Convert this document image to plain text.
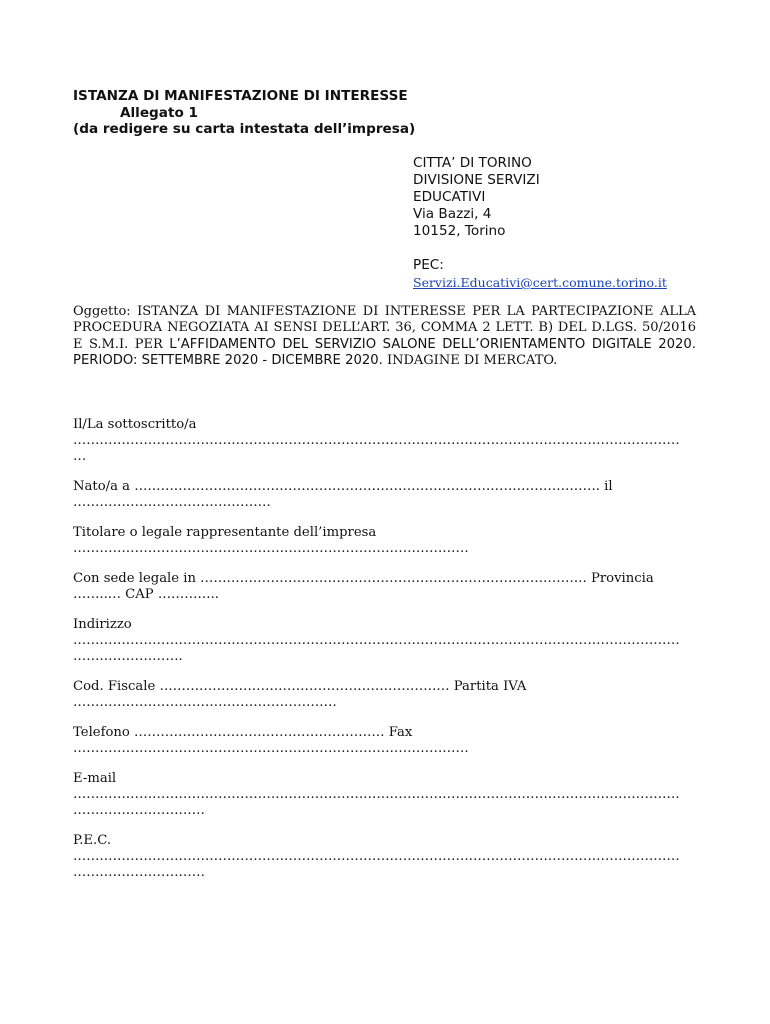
ISTANZA DI MANIFESTAZIONE DI INTERESSE
Allegato 1
(da redigere su carta intestata dell’impresa)
CITTA’ DI TORINO
DIVISIONE SERVIZI
EDUCATIVI
Via Bazzi, 4
10152, Torino
PEC:
Servizi.Educativi@cert.comune.torino.it
Oggetto: ISTANZA DI MANIFESTAZIONE DI INTERESSE PER LA PARTECIPAZIONE ALLA PROCEDURA NEGOZIATA AI SENSI DELL’ART. 36, COMMA 2 LETT. B) DEL D.LGS. 50/2016 E S.M.I. PER L’AFFIDAMENTO DEL SERVIZIO SALONE DELL’ORIENTAMENTO DIGITALE 2020. PERIODO: SETTEMBRE 2020 - DICEMBRE 2020. INDAGINE DI MERCATO.
Il/La sottoscritto/a
…………………………………………………………………………………………………………………………
…
Nato/a a ……………………………………………………………………………………………. il
………………………………………
Titolare o legale rappresentante dell’impresa
………………………………………………………………………………
Con sede legale in ……………………………………………………………………………. Provincia
……..… CAP …………..
Indirizzo
…………………………………………………………………………………………………………………………
…………………….
Cod. Fiscale ………………………………………………………… Partita IVA
……………………………………………………
Telefono ………………………………………………… Fax
………………………………………………………………………………
E-mail
…………………………………………………………………………………………………………………………
…………………………
P.E.C.
…………………………………………………………………………………………………………………………
…………………………
